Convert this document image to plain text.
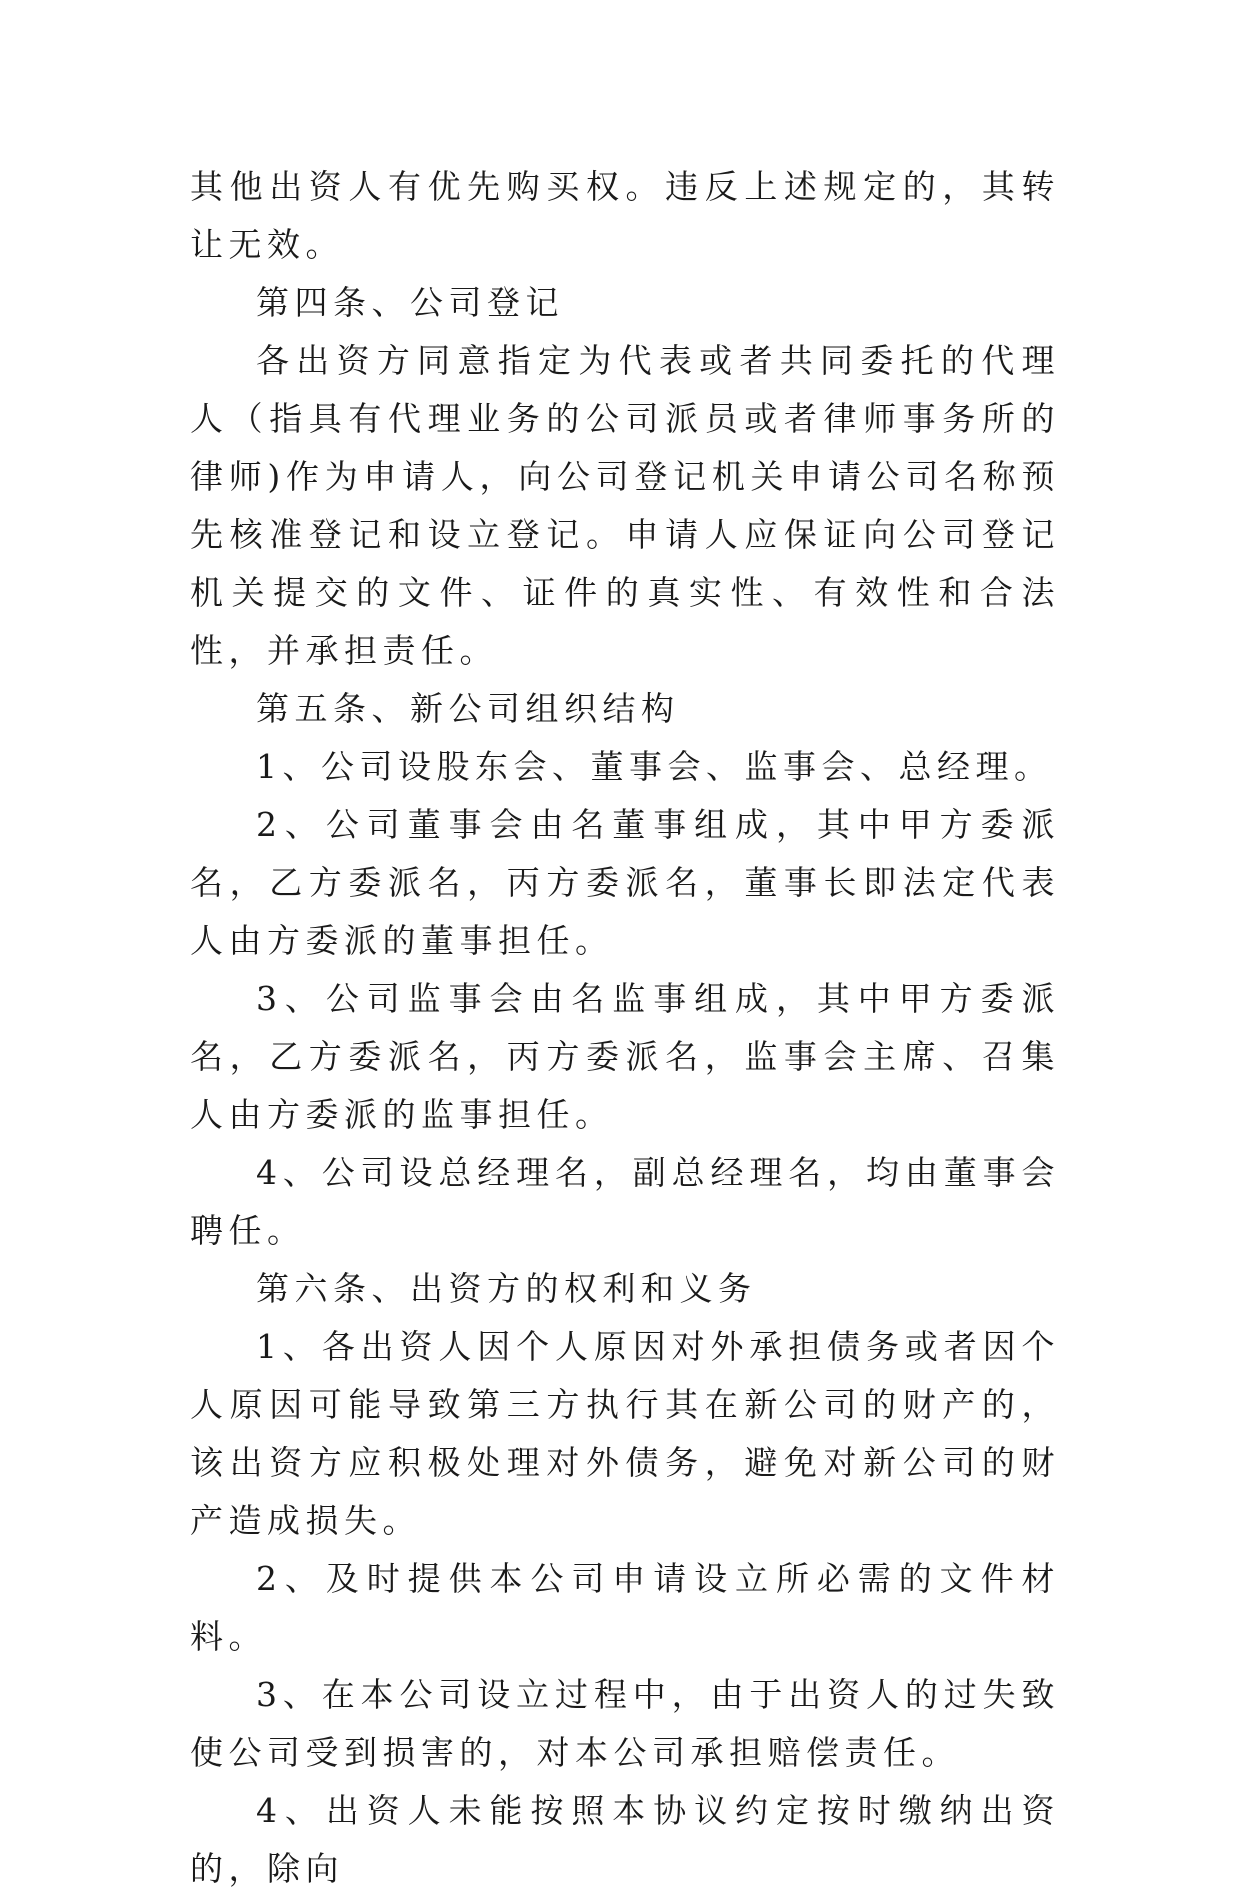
其他出资人有优先购买权。违反上述规定的，其转让无效。

第四条、公司登记

各出资方同意指定为代表或者共同委托的代理人（指具有代理业务的公司派员或者律师事务所的律师)作为申请人，向公司登记机关申请公司名称预先核准登记和设立登记。申请人应保证向公司登记机关提交的文件、证件的真实性、有效性和合法性，并承担责任。

第五条、新公司组织结构

1、公司设股东会、董事会、监事会、总经理。

2、公司董事会由名董事组成，其中甲方委派名，乙方委派名，丙方委派名，董事长即法定代表人由方委派的董事担任。

3、公司监事会由名监事组成，其中甲方委派名，乙方委派名，丙方委派名，监事会主席、召集人由方委派的监事担任。

4、公司设总经理名，副总经理名，均由董事会聘任。

第六条、出资方的权利和义务

1、各出资人因个人原因对外承担债务或者因个人原因可能导致第三方执行其在新公司的财产的，该出资方应积极处理对外债务，避免对新公司的财产造成损失。

2、及时提供本公司申请设立所必需的文件材料。

3、在本公司设立过程中，由于出资人的过失致使公司受到损害的，对本公司承担赔偿责任。

4、出资人未能按照本协议约定按时缴纳出资的，除向
